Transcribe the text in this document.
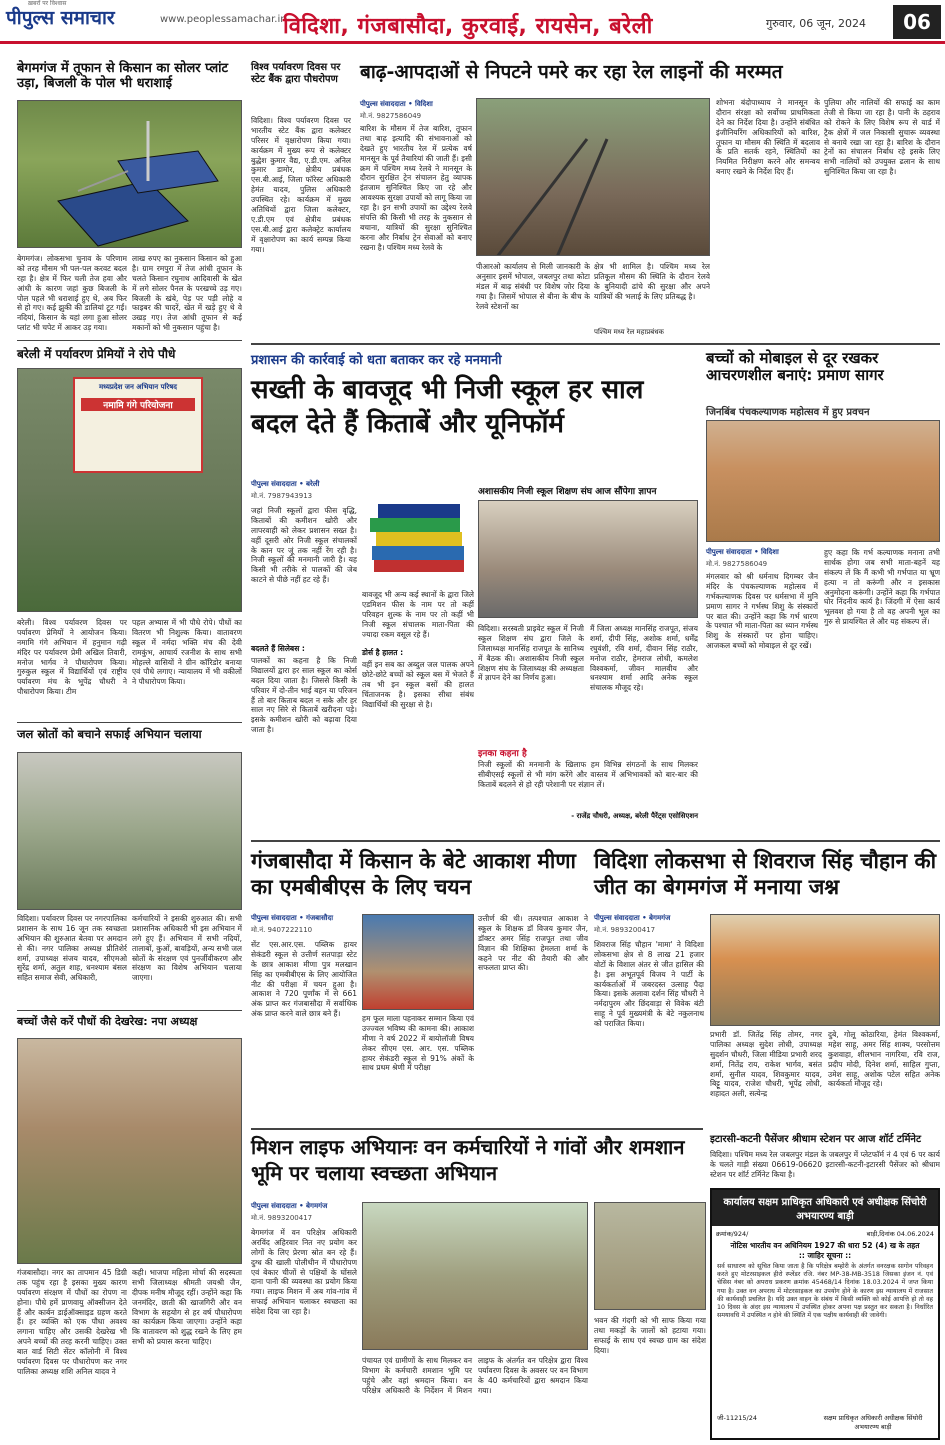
ख़बरों पर विश्वास
पीपुल्स समाचार	www.peoplessamachar.in
विदिशा, गंजबासौदा, कुरवाई, रायसेन, बरेली	गुरुवार, 06 जून, 2024	06
बेगमगंज में तूफान से किसान का सोलर प्लांट उड़ा, बिजली के पोल भी धराशाई
बेगमगंज। लोकसभा चुनाव के परिणाम को तरह मौसम भी पल-पल करवट बदल रहा है। क्षेत्र में फिर चली तेज हवा और आंधी के कारण जहां कुछ बिजली के पोल पहले भी धराशाई हुए थे, अब फिर से हो गए। कई झुकी की डालियां टूट गईं। नदियां, किसान के यहां लगा हुआ सोलर प्लांट भी चपेट में आकर उड़ गया।
लाख रुपए का नुकसान किसान को हुआ है। ग्राम रमपुरा में तेज आंधी तूफान के चलते किसान रघुनाथ आदिवासी के खेत में लगे सोलर पैनल के परखच्चे उड़ गए। बिजली के खंबे, पेड़ पर पड़ी लोहे व फाइबर की चादरें, खेत में खड़े हुए थे वे उखड़ गए। तेज आंधी तूफान से कई मकानों को भी नुकसान पहुंचा है।
बरेली में पर्यावरण प्रेमियों ने रोपे पौधे
मध्यप्रदेश जन अभियान परिषद
नमामि गंगे परियोजना
बरेली। विश्व पर्यावरण दिवस पर पर्यावरण प्रेमियों ने आयोजन किया। नमामि गंगे अभियान में हनुमान गढ़ी मंदिर पर पर्यावरण प्रेमी अखिल तिवारी, मनोज भार्गव ने पौधारोपण किया। गुरुकुल स्कूल में विद्यार्थियों एवं राष्ट्रीय पर्यावरण मंच के भूपेंद्र चौधरी ने पौधारोपण किया। टीम
पहल अभ्यास में भी पौधे रोपे। पौधों का वितरण भी निशुल्क किया। वातावरण स्कूल में नर्मदा भक्ति मंच की देवी रामकुंभ, आचार्य रजनीश के साथ सभी मोहल्ले वासियों ने ग्रीन कॉरिडोर बनाया एवं पौधे लगाए। न्यायालय में भी वकीलों ने पौधारोपण किया।
जल स्रोतों को बचाने सफाई अभियान चलाया
विदिशा। पर्यावरण दिवस पर नगरपालिका प्रशासन के साथ 16 जून तक स्वच्छता अभियान की शुरुआत बेतवा पर अमदान से की। नगर पालिका अध्यक्ष प्रीतिशेर्र शर्मा, उपाध्यक्ष संजय यादव, सीएमओ सुरेंद्र शर्मा, अतुल शाह, धनश्याम बंसल सहित समाज सेवी, अधिकारी,
कर्मचारियों ने इसकी शुरुआत की। सभी प्रशासनिक अधिकारी भी इस अभियान में लगे हुए हैं। अभियान में सभी नदियों, तालाबों, कुओं, बावड़ियों, अन्य सभी जल स्रोतों के संरक्षण एवं पुनर्जीवीकरण और संरक्षण का विशेष अभियान चलाया जाएगा।
बच्चों जैसे करें पौधों की देखरेख: नपा अध्यक्ष
गंजबासौदा। नगर का तापमान 45 डिग्री तक पहुंच रहा है इसका मुख्य कारण पर्यावरण संरक्षण में पौधों का रोपण ना होना। पौधे हमें प्राणवायु ऑक्सीजन देते हैं और कार्बन डाईऑक्साइड ग्रहण करते हैं। हर व्यक्ति को एक पौधा अवश्य लगाना चाहिए और उसकी देखरेख भी अपने बच्चों की तरह करनी चाहिए। उक्त बात वार्ड सिटी सेंटर कॉलोनी में विश्व पर्यावरण दिवस पर पौधारोपण कर नगर पालिका अध्यक्ष शशि अनिल यादव ने
कही। भाजपा महिला मोर्चा की सदस्यता सभी जिलाध्यक्ष श्रीमती जयश्री जैन, दीपक मनीष मौजूद रहीं। उन्होंने कहा कि जनमंदिर, छाती की खाजगिरी और वन विभाग के सहयोग से हर वर्ष पौधारोपण का कार्यक्रम किया जाएगा। उन्होंने कहा कि वातावरण को शुद्ध रखने के लिए हम सभी को प्रयास करना चाहिए।
विश्व पर्यावरण दिवस पर स्टेट बैंक द्वारा पौधरोपण
विदिशा। विश्व पर्यावरण दिवस पर भारतीय स्टेट बैंक द्वारा कलेक्टर परिसर में वृक्षारोपण किया गया। कार्यक्रम में मुख्य रूप से कलेक्टर बुद्धेश कुमार वैद्य, ए.डी.एम. अनिल कुमार डामोर, क्षेत्रीय प्रबंधक एस.बी.आई, जिला फॉरेस्ट अधिकारी हेमंत यादव, पुलिस अधिकारी उपस्थित रहे। कार्यक्रम में मुख्य अतिथियों द्वारा जिला कलेक्टर, ए.डी.एम एवं क्षेत्रीय प्रबंधक एस.बी.आई द्वारा कलेक्ट्रेट कार्यालय में वृक्षारोपण का कार्य सम्पन्न किया गया।
बाढ़-आपदाओं से निपटने पमरे कर रहा रेल लाइनों की मरम्मत
पीपुल्स संवाददाता • विदिशा
मो.नं. 9827586049
बारिश के मौसम में तेज बारिश, तूफान तथा बाढ़ इत्यादि की संभावनाओं को देखते हुए भारतीय रेल में प्रत्येक वर्ष मानसून के पूर्व तैयारियां की जाती हैं। इसी क्रम में पश्चिम मध्य रेलवे ने मानसून के दौरान सुरक्षित ट्रेन संचालन हेतु व्यापक इंतजाम सुनिश्चित किए जा रहे और आवश्यक सुरक्षा उपायों को लागू किया जा रहा है। इन सभी उपायों का उद्देश्य रेलवे संपत्ति की किसी भी तरह के नुकसान से बचाना, यात्रियों की सुरक्षा सुनिश्चित करना और निर्बाध ट्रेन सेवाओं को बनाए रखना है। पश्चिम मध्य रेलवे के
पीआरओ कार्यालय से मिली जानकारी के अनुसार इसमें भोपाल, जबलपुर तथा कोटा मंडल में बाढ़ संबंधी पर विशेष जोर दिया गया है। जिसमें भोपाल से बीना के बीच के रेलवे स्टेशनों का
क्षेत्र भी शामिल है। पश्चिम मध्य रेल प्रतिकूल मौसम की स्थिति के दौरान रेलवे के बुनियादी ढांचे की सुरक्षा और अपने यात्रियों की भलाई के लिए प्रतिबद्ध है।
पश्चिम मध्य रेल महाप्रबंधक
शोभना बंदोपाध्याय ने मानसून के दौरान संरक्षा को सर्वोच्च प्राथमिकता देने का निर्देश दिया है। उन्होंने संबंधित इंजीनियरिंग अधिकारियों को बारिश, तूफान या मौसम की स्थिति में बदलाव के प्रति सतर्क रहने, स्थितियों का नियमित निरीक्षण करने और समन्वय बनाए रखने के निर्देश दिए हैं।
पुलिया और नालियों की सफाई का काम तेजी से किया जा रहा है। पानी के ठहराव को रोकने के लिए विशेष रूप से यार्ड में ट्रैक क्षेत्रों में जल निकासी सुचारू व्यवस्था से बनाये रखा जा रहा है। बारिश के दौरान ट्रेनों का संचालन निर्बाध रहे इसके लिए सभी नालियों को उपयुक्त ढलान के साथ सुनिश्चित किया जा रहा है।
प्रशासन की कार्रवाई को धता बताकर कर रहे मनमानी
सख्ती के बावजूद भी निजी स्कूल हर साल बदल देते हैं किताबें और यूनिफॉर्म
पीपुल्स संवाददाता • बरेली
मो.नं. 7987943913
जहां निजी स्कूलों द्वारा फीस वृद्धि, किताबों की कमीशन खोरी और लापरवाही को लेकर प्रशासन सख्त है। वहीं दूसरी ओर निजी स्कूल संचालकों के कान पर जूं तक नहीं रेंग रही है। निजी स्कूलों की मनमानी जारी है। यह किसी भी तरीके से पालकों की जेब काटने से पीछे नहीं हट रहे हैं।
बदलते हैं सिलेबस :
पालकों का कहना है कि निजी विद्यालयों द्वारा हर साल स्कूल का कोर्स बदल दिया जाता है। जिससे किसी के परिवार में दो-तीन भाई बहन या परिजन हैं तो बार किताब बदल न सके और हर साल नए सिरे से किताबें खरीदना पड़े। इसके कमीशन खोरी को बढ़ावा दिया जाता है।
बावजूद भी अन्य कई स्थानों के द्वारा जिले एडमिशन फीस के नाम पर तो कहीं परिवहन शुल्क के नाम पर तो कहीं भी निजी स्कूल संचालक माता-पिता की ज्यादा रकम वसूल रहे हैं।
डोर्स है हालत :
वहीं इन सब का अब्दुल जल पालक अपने छोटे-छोटे बच्चों को स्कूल बस में भेजते हैं तब भी इन स्कूल बसों की हालत चिंताजनक है। इसका सीधा संबंध विद्यार्थियों की सुरक्षा से है।
अशासकीय निजी स्कूल शिक्षण संघ आज सौंपेगा ज्ञापन
विदिशा। सरस्वती प्राइवेट स्कूल में निजी स्कूल शिक्षण संघ द्वारा जिले के जिलाध्यक्ष मानसिंह राजपूत के सानिध्य में बैठक की। अशासकीय निजी स्कूल शिक्षण संघ के जिलाध्यक्ष की अध्यक्षता में ज्ञापन देने का निर्णय हुआ।
मैं जिला अध्यक्ष मानसिंह राजपूत, संजय शर्मा, दीपी सिंह, अशोक शर्मा, धर्मेंद्र रघुवंशी, रवि शर्मा, दीवान सिंह राठौर, मनोज राठौर, हेमराज लोधी, कमलेश विश्वकर्मा, जीवन मालवीय और धनश्याम शर्मा आदि अनेक स्कूल संचालक मौजूद रहे।
इनका कहना है
निजी स्कूलों की मनमानी के खिलाफ हम विभिन्न संगठनों के साथ मिलकर सीबीएसई स्कूलों से भी मांग करेंगे और वास्तव में अभिभावकों को बार-बार की किताबें बदलने से हो रही परेशानी पर संज्ञान लें।
- राजेंद्र चौधरी, अध्यक्ष, बरेली पैरेंट्स एसोसिएशन
बच्चों को मोबाइल से दूर रखकर आचरणशील बनाएं: प्रमाण सागर
जिनबिंब पंचकल्याणक महोत्सव में हुए प्रवचन
पीपुल्स संवाददाता • विदिशा
मो.नं. 9827586049
मंगलवार को श्री धर्मनाथ दिगम्बर जैन मंदिर के पंचकल्याणक महोत्सव में गर्भकल्याणक दिवस पर धर्मसभा में मुनि प्रमाण सागर ने गर्भस्थ शिशु के संस्कारों पर बात की। उन्होंने कहा कि गर्भ धारण के पश्चात भी माता-पिता का ध्यान गर्भस्थ शिशु के संस्कारों पर होना चाहिए। आजकल बच्चों को मोबाइल से दूर रखें।
हुए कहा कि गर्भ कल्याणक मनाना तभी सार्थक होगा जब सभी माता-बहनें यह संकल्प लें कि मैं कभी भी गर्भपात या भ्रूण हत्या न तो करूंगी और न इसकास अनुमोदना करूंगी। उन्होंने कहा कि गर्भपात घोर निंदनीय कार्य है। जिंदगी में ऐसा कार्य भूलवश हो गया है तो वह अपनी भूल का गुरु से प्रायश्चित ले और यह संकल्प लें।
गंजबासौदा में किसान के बेटे आकाश मीणा का एमबीबीएस के लिए चयन
पीपुल्स संवाददाता • गंजबासौदा
मो.नं. 9407222110
सेंट एस.आर.एस. पब्लिक हायर सेकंडरी स्कूल से उत्तीर्ण सतपाड़ा स्टेट के छात्र आकाश मीणा पुत्र मलखान सिंह का एमबीबीएस के लिए आयोजित नीट की परीक्षा में चयन हुआ है। आकाश ने 720 पूर्णांक में से 661 अंक प्राप्त कर गंजबासौदा में सर्वाधिक अंक प्राप्त करने वाले छात्र बने हैं।
हम फूल माला पहनाकर सम्मान किया एवं उज्ज्वल भविष्य की कामना की। आकाश मीणा ने वर्ष 2022 में बायोलॉजी विषय लेकर सीएम एस. आर. एस. पब्लिक हायर सेकंडरी स्कूल से 91% अंकों के साथ प्रथम श्रेणी में परीक्षा
उत्तीर्ण की थी। तत्पश्चात आकाश ने स्कूल के शिक्षक डॉ विजय कुमार जैन, डॉक्टर अमर सिंह राजपूत तथा जीव विज्ञान की शिक्षिका हेमलता शर्मा के कहने पर नीट की तैयारी की और सफलता प्राप्त की।
विदिशा लोकसभा से शिवराज सिंह चौहान की जीत का बेगमगंज में मनाया जश्न
पीपुल्स संवाददाता • बेगमगंज
मो.नं. 9893200417
शिवराज सिंह चौहान 'मामा' ने विदिशा लोकसभा क्षेत्र से 8 लाख 21 हजार वोटों के विशाल अंतर से जीत हासिल की है। इस अभूतपूर्व विजय ने पार्टी के कार्यकर्ताओं में जबरदस्त उत्साह पैदा किया। इसके अलावा दर्शन सिंह चौधरी ने नर्मदापुरम और छिंदवाड़ा से विवेक बंटी साहू ने पूर्व मुख्यमंत्री के बेटे नकुलनाथ को पराजित किया।
प्रभारी डॉ. जितेंद्र सिंह तोमर, नगर पालिका अध्यक्ष सुदेश लोधी, उपाध्यक्ष सुदर्शन चौधरी, जिला मीडिया प्रभारी शरद शर्मा, नितेंद्र राय, राकेश भार्गव, बसंत शर्मा, सुनील यादव, शिवकुमार यादव, बिट्टू यादव, राजेश चौधरी, भूपेंद्र लोधी, शहादत अली, सत्येन्द्र
दुबे, गोलू कोठारिया, हेमंत विश्वकर्मा, महेश साहू, अमर सिंह शाक्य, परसोत्तम कुशवाहा, शीलभान नागरिया, रवि राज, प्रदीप मोदी, दिनेश शर्मा, साहिल गुप्ता, उमेश साहू, अशोक पटेल सहित अनेक कार्यकर्ता मौजूद रहे।
मिशन लाइफ अभियानः वन कर्मचारियों ने गांवों और शमशान भूमि पर चलाया स्वच्छता अभियान
पीपुल्स संवाददाता • बेगमगंज
मो.नं. 9893200417
बेगमगंज में वन परिक्षेत्र अधिकारी अरविंद अहिरवार नित नए प्रयोग कर लोगों के लिए प्रेरणा स्रोत बन रहे हैं। दुग्ध की खाली पोलीथीन में पौधारोपण एवं बेकार चीजों से पक्षियों के घोंसले दाना पानी की व्यवस्था का प्रयोग किया गया। लाइफ मिशन में अब गांव-गांव में सफाई अभियान चलाकर स्वच्छता का संदेश दिया जा रहा है।
पंचायत एवं ग्रामीणों के साथ मिलकर वन विभाग के कर्मचारी शमशान भूमि पर पहुंचे और वहां श्रमदान किया। वन परिक्षेत्र अधिकारी के निर्देशन में मिशन लाइफ के अंतर्गत वन परिक्षेत्र द्वारा विश्व पर्यावरण दिवस के अवसर पर वन विभाग के 40 कर्मचारियों द्वारा श्रमदान किया गया।
भवन की गंदगी को भी साफ किया गया तथा मकड़ों के जालों को हटाया गया। सफाई के साथ एवं स्वच्छ ग्राम का संदेश दिया।
इटारसी-कटनी पैसेंजर श्रीधाम स्टेशन पर आज शॉर्ट टर्मिनेट
विदिशा। पश्चिम मध्य रेल जबलपुर मंडल के जबलपुर में प्लेटफॉर्म नं 4 एवं 6 पर कार्य के चलते गाड़ी संख्या 06619-06620 इटारसी-कटनी-इटारसी पैसेंजर को श्रीधाम स्टेशन पर शॉर्ट टर्मिनेट किया है।
कार्यालय सक्षम प्राधिकृत अधिकारी एवं अधीक्षक सिंचोरी अभयारण्य बाड़ी
क्रमांक/924/	बाड़ी,दिनांक 04.06.2024
नोटिस भारतीय वन अधिनियम 1927 की धारा 52 (4) ख के तहत
:: जाहिर सूचना ::
सर्व साधारण को सूचित किया जाता है कि परिक्षेत्र बम्होरी के अंतर्गत वनरक्षक सागोन परिवहन करते हुए मोटरसाइकल हीरो स्प्लेंडर रजि. नंबर MP-38-MB-3518 जिसका इंजन नं. एवं चेसिस नंबर को अपराध प्रकरण क्रमांक 45468/14 दिनांक 18.03.2024 में जप्त किया गया है। उक्त वन अपराध में मोटरसाइकल का उपयोग होने के कारण इस न्यायालय में राजसात की कार्यवाही प्रचलित है। यदि उक्त वाहन के संबंध में किसी व्यक्ति को कोई आपत्ति हो तो वह 10 दिवस के अंदर इस न्यायालय में उपस्थित होकर अपना पक्ष प्रस्तुत कर सकता है। निर्धारित समयावधि में उपस्थित न होने की स्थिति में एक पक्षीय कार्यवाही की जावेगी।
जी-11215/24	सक्षम प्राधिकृत अधिकारी अधीक्षक सिंघोरी अभयारण्य बाड़ी
